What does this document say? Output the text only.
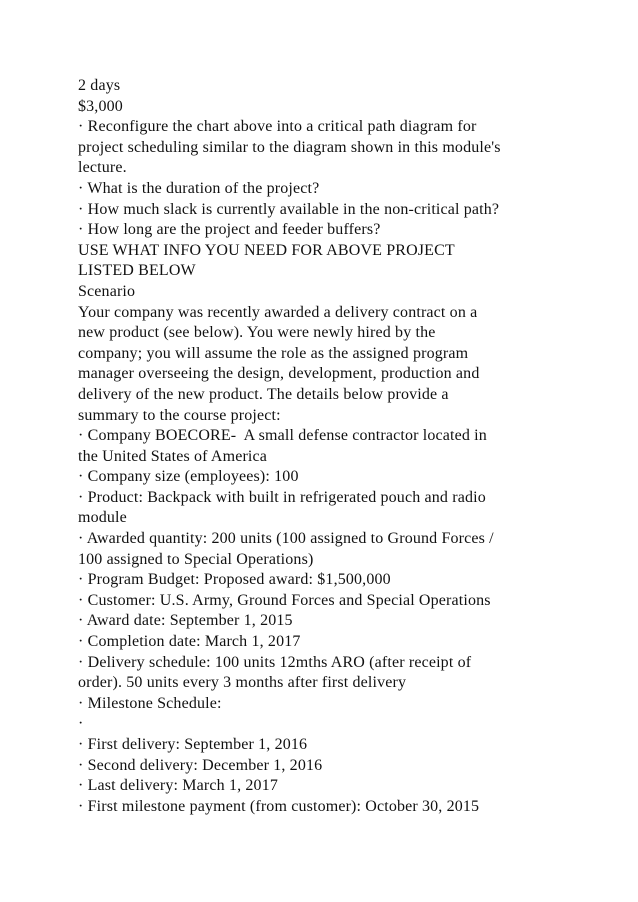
2 days
$3,000
· Reconfigure the chart above into a critical path diagram for
project scheduling similar to the diagram shown in this module's
lecture.
· What is the duration of the project?
· How much slack is currently available in the non-critical path?
· How long are the project and feeder buffers?
USE WHAT INFO YOU NEED FOR ABOVE PROJECT
LISTED BELOW
Scenario
Your company was recently awarded a delivery contract on a
new product (see below). You were newly hired by the
company; you will assume the role as the assigned program
manager overseeing the design, development, production and
delivery of the new product. The details below provide a
summary to the course project:
· Company BOECORE-  A small defense contractor located in
the United States of America
· Company size (employees): 100
· Product: Backpack with built in refrigerated pouch and radio
module
· Awarded quantity: 200 units (100 assigned to Ground Forces /
100 assigned to Special Operations)
· Program Budget: Proposed award: $1,500,000
· Customer: U.S. Army, Ground Forces and Special Operations
· Award date: September 1, 2015
· Completion date: March 1, 2017
· Delivery schedule: 100 units 12mths ARO (after receipt of
order). 50 units every 3 months after first delivery
· Milestone Schedule:
·
· First delivery: September 1, 2016
· Second delivery: December 1, 2016
· Last delivery: March 1, 2017
· First milestone payment (from customer): October 30, 2015
